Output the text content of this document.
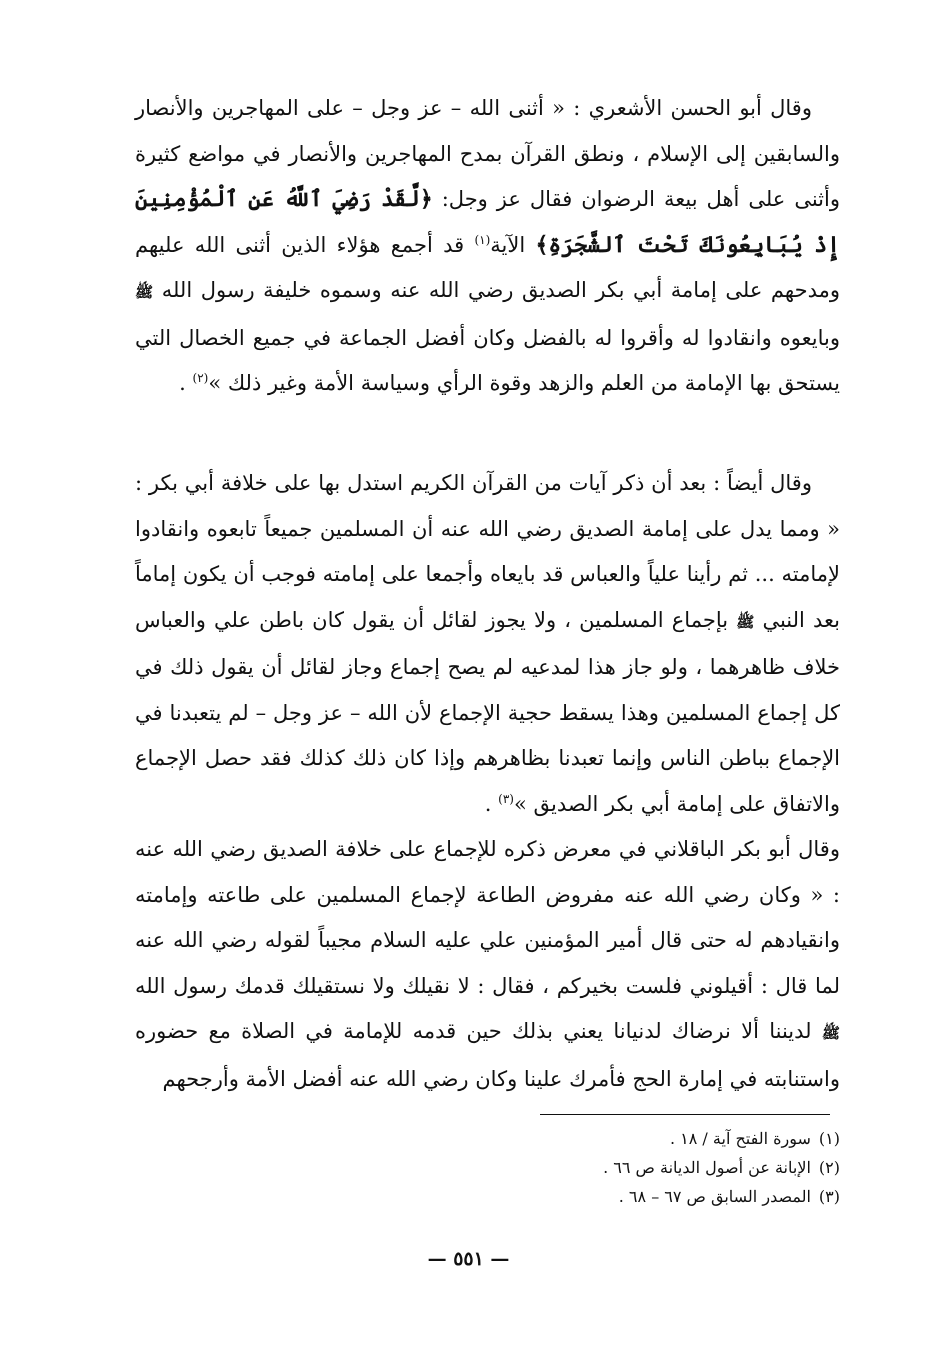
وقال أبو الحسن الأشعري : « أثنى الله – عز وجل – على المهاجرين والأنصار والسابقين إلى الإسلام ، ونطق القرآن بمدح المهاجرين والأنصار في مواضع كثيرة وأثنى على أهل بيعة الرضوان فقال عز وجل: ﴿لَّقَدْ رَضِيَ ٱللَّهُ عَنِ ٱلْمُؤْمِنِينَ إِذْ يُبَايِعُونَكَ تَحْتَ ٱلشَّجَرَةِ﴾ الآية$^{(١)}$ قد أجمع هؤلاء الذين أثنى الله عليهم ومدحهم على إمامة أبي بكر الصديق رضي الله عنه وسموه خليفة رسول الله ﷺ وبايعوه وانقادوا له وأقروا له بالفضل وكان أفضل الجماعة في جميع الخصال التي يستحق بها الإمامة من العلم والزهد وقوة الرأي وسياسة الأمة وغير ذلك »$^{(٢)}$ .

وقال أيضاً : بعد أن ذكر آيات من القرآن الكريم استدل بها على خلافة أبي بكر : « ومما يدل على إمامة الصديق رضي الله عنه أن المسلمين جميعاً تابعوه وانقادوا لإمامته ... ثم رأينا علياً والعباس قد بايعاه وأجمعا على إمامته فوجب أن يكون إماماً بعد النبي ﷺ بإجماع المسلمين ، ولا يجوز لقائل أن يقول كان باطن علي والعباس خلاف ظاهرهما ، ولو جاز هذا لمدعيه لم يصح إجماع وجاز لقائل أن يقول ذلك في كل إجماع المسلمين وهذا يسقط حجية الإجماع لأن الله – عز وجل – لم يتعبدنا في الإجماع بباطن الناس وإنما تعبدنا بظاهرهم وإذا كان ذلك كذلك فقد حصل الإجماع والاتفاق على إمامة أبي بكر الصديق »$^{(٣)}$ .

وقال أبو بكر الباقلاني في معرض ذكره للإجماع على خلافة الصديق رضي الله عنه : « وكان رضي الله عنه مفروض الطاعة لإجماع المسلمين على طاعته وإمامته وانقيادهم له حتى قال أمير المؤمنين علي عليه السلام مجيباً لقوله رضي الله عنه لما قال : أقيلوني فلست بخيركم ، فقال : لا نقيلك ولا نستقيلك قدمك رسول الله ﷺ لديننا ألا نرضاك لدنيانا يعني بذلك حين قدمه للإمامة في الصلاة مع حضوره واستنابته في إمارة الحج فأمرك علينا وكان رضي الله عنه أفضل الأمة وأرجحهم

(١)سورة الفتح آية / ١٨ .
(٢)الإبانة عن أصول الديانة ص ٦٦ .
(٣)المصدر السابق ص ٦٧ – ٦٨ .
— ٥٥١ —
